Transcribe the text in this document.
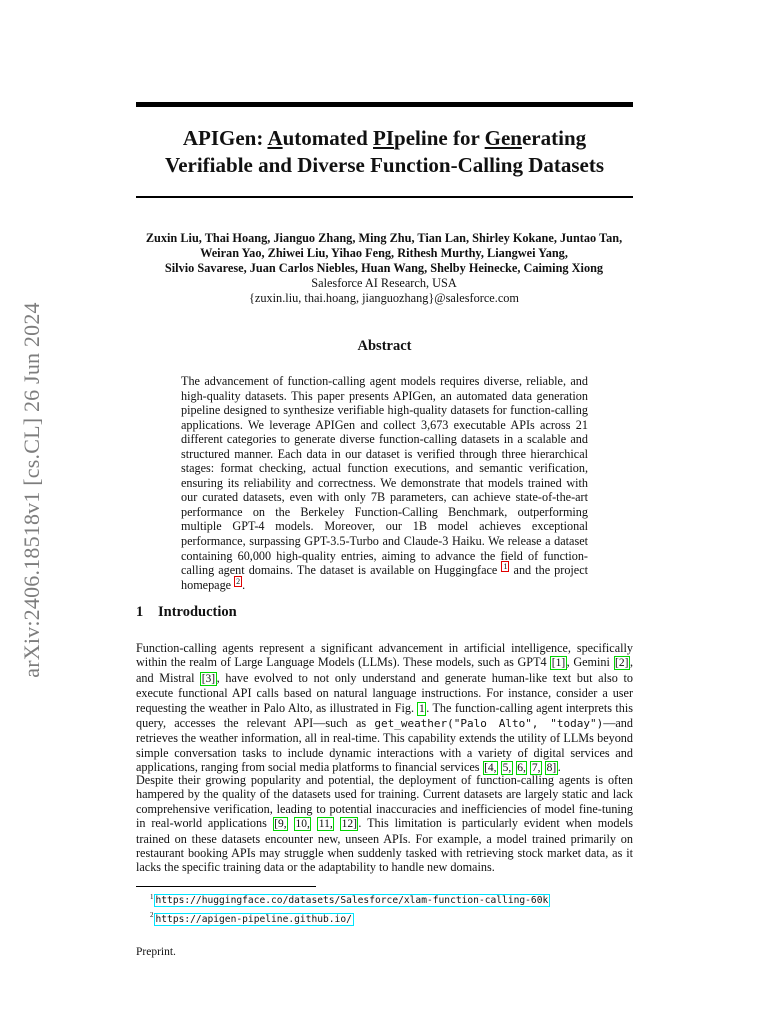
arXiv:2406.18518v1 [cs.CL] 26 Jun 2024
APIGen: Automated PIpeline for Generating
Verifiable and Diverse Function-Calling Datasets
Zuxin Liu, Thai Hoang, Jianguo Zhang, Ming Zhu, Tian Lan, Shirley Kokane, Juntao Tan,
Weiran Yao, Zhiwei Liu, Yihao Feng, Rithesh Murthy, Liangwei Yang,
Silvio Savarese, Juan Carlos Niebles, Huan Wang, Shelby Heinecke, Caiming Xiong
Salesforce AI Research, USA
{zuxin.liu, thai.hoang, jianguozhang}@salesforce.com
Abstract

The advancement of function-calling agent models requires diverse, reliable, and high-quality datasets. This paper presents APIGen, an automated data generation pipeline designed to synthesize verifiable high-quality datasets for function-calling applications. We leverage APIGen and collect 3,673 executable APIs across 21 different categories to generate diverse function-calling datasets in a scalable and structured manner. Each data in our dataset is verified through three hierarchical stages: format checking, actual function executions, and semantic verification, ensuring its reliability and correctness. We demonstrate that models trained with our curated datasets, even with only 7B parameters, can achieve state-of-the-art performance on the Berkeley Function-Calling Benchmark, outperforming multiple GPT-4 models. Moreover, our 1B model achieves exceptional performance, surpassing GPT-3.5-Turbo and Claude-3 Haiku. We release a dataset containing 60,000 high-quality entries, aiming to advance the field of function-calling agent domains. The dataset is available on Huggingface $^1$ and the project homepage $^2$ .

1 Introduction

Function-calling agents represent a significant advancement in artificial intelligence, specifically within the realm of Large Language Models (LLMs). These models, such as GPT4 [1] , Gemini [2] , and Mistral [3] , have evolved to not only understand and generate human-like text but also to execute functional API calls based on natural language instructions. For instance, consider a user requesting the weather in Palo Alto, as illustrated in Fig. 1 . The function-calling agent interprets this query, accesses the relevant API—such as get_weather("Palo Alto", "today")—and retrieves the weather information, all in real-time. This capability extends the utility of LLMs beyond simple conversation tasks to include dynamic interactions with a variety of digital services and applications, ranging from social media platforms to financial services [4, 5, 6, 7, 8] .

Despite their growing popularity and potential, the deployment of function-calling agents is often hampered by the quality of the datasets used for training. Current datasets are largely static and lack comprehensive verification, leading to potential inaccuracies and inefficiencies of model fine-tuning in real-world applications [9, 10, 11, 12] . This limitation is particularly evident when models trained on these datasets encounter new, unseen APIs. For example, a model trained primarily on restaurant booking APIs may struggle when suddenly tasked with retrieving stock market data, as it lacks the specific training data or the adaptability to handle new domains.

$^1$ https://huggingface.co/datasets/Salesforce/xlam-function-calling-60k
$^2$ https://apigen-pipeline.github.io/

Preprint.
